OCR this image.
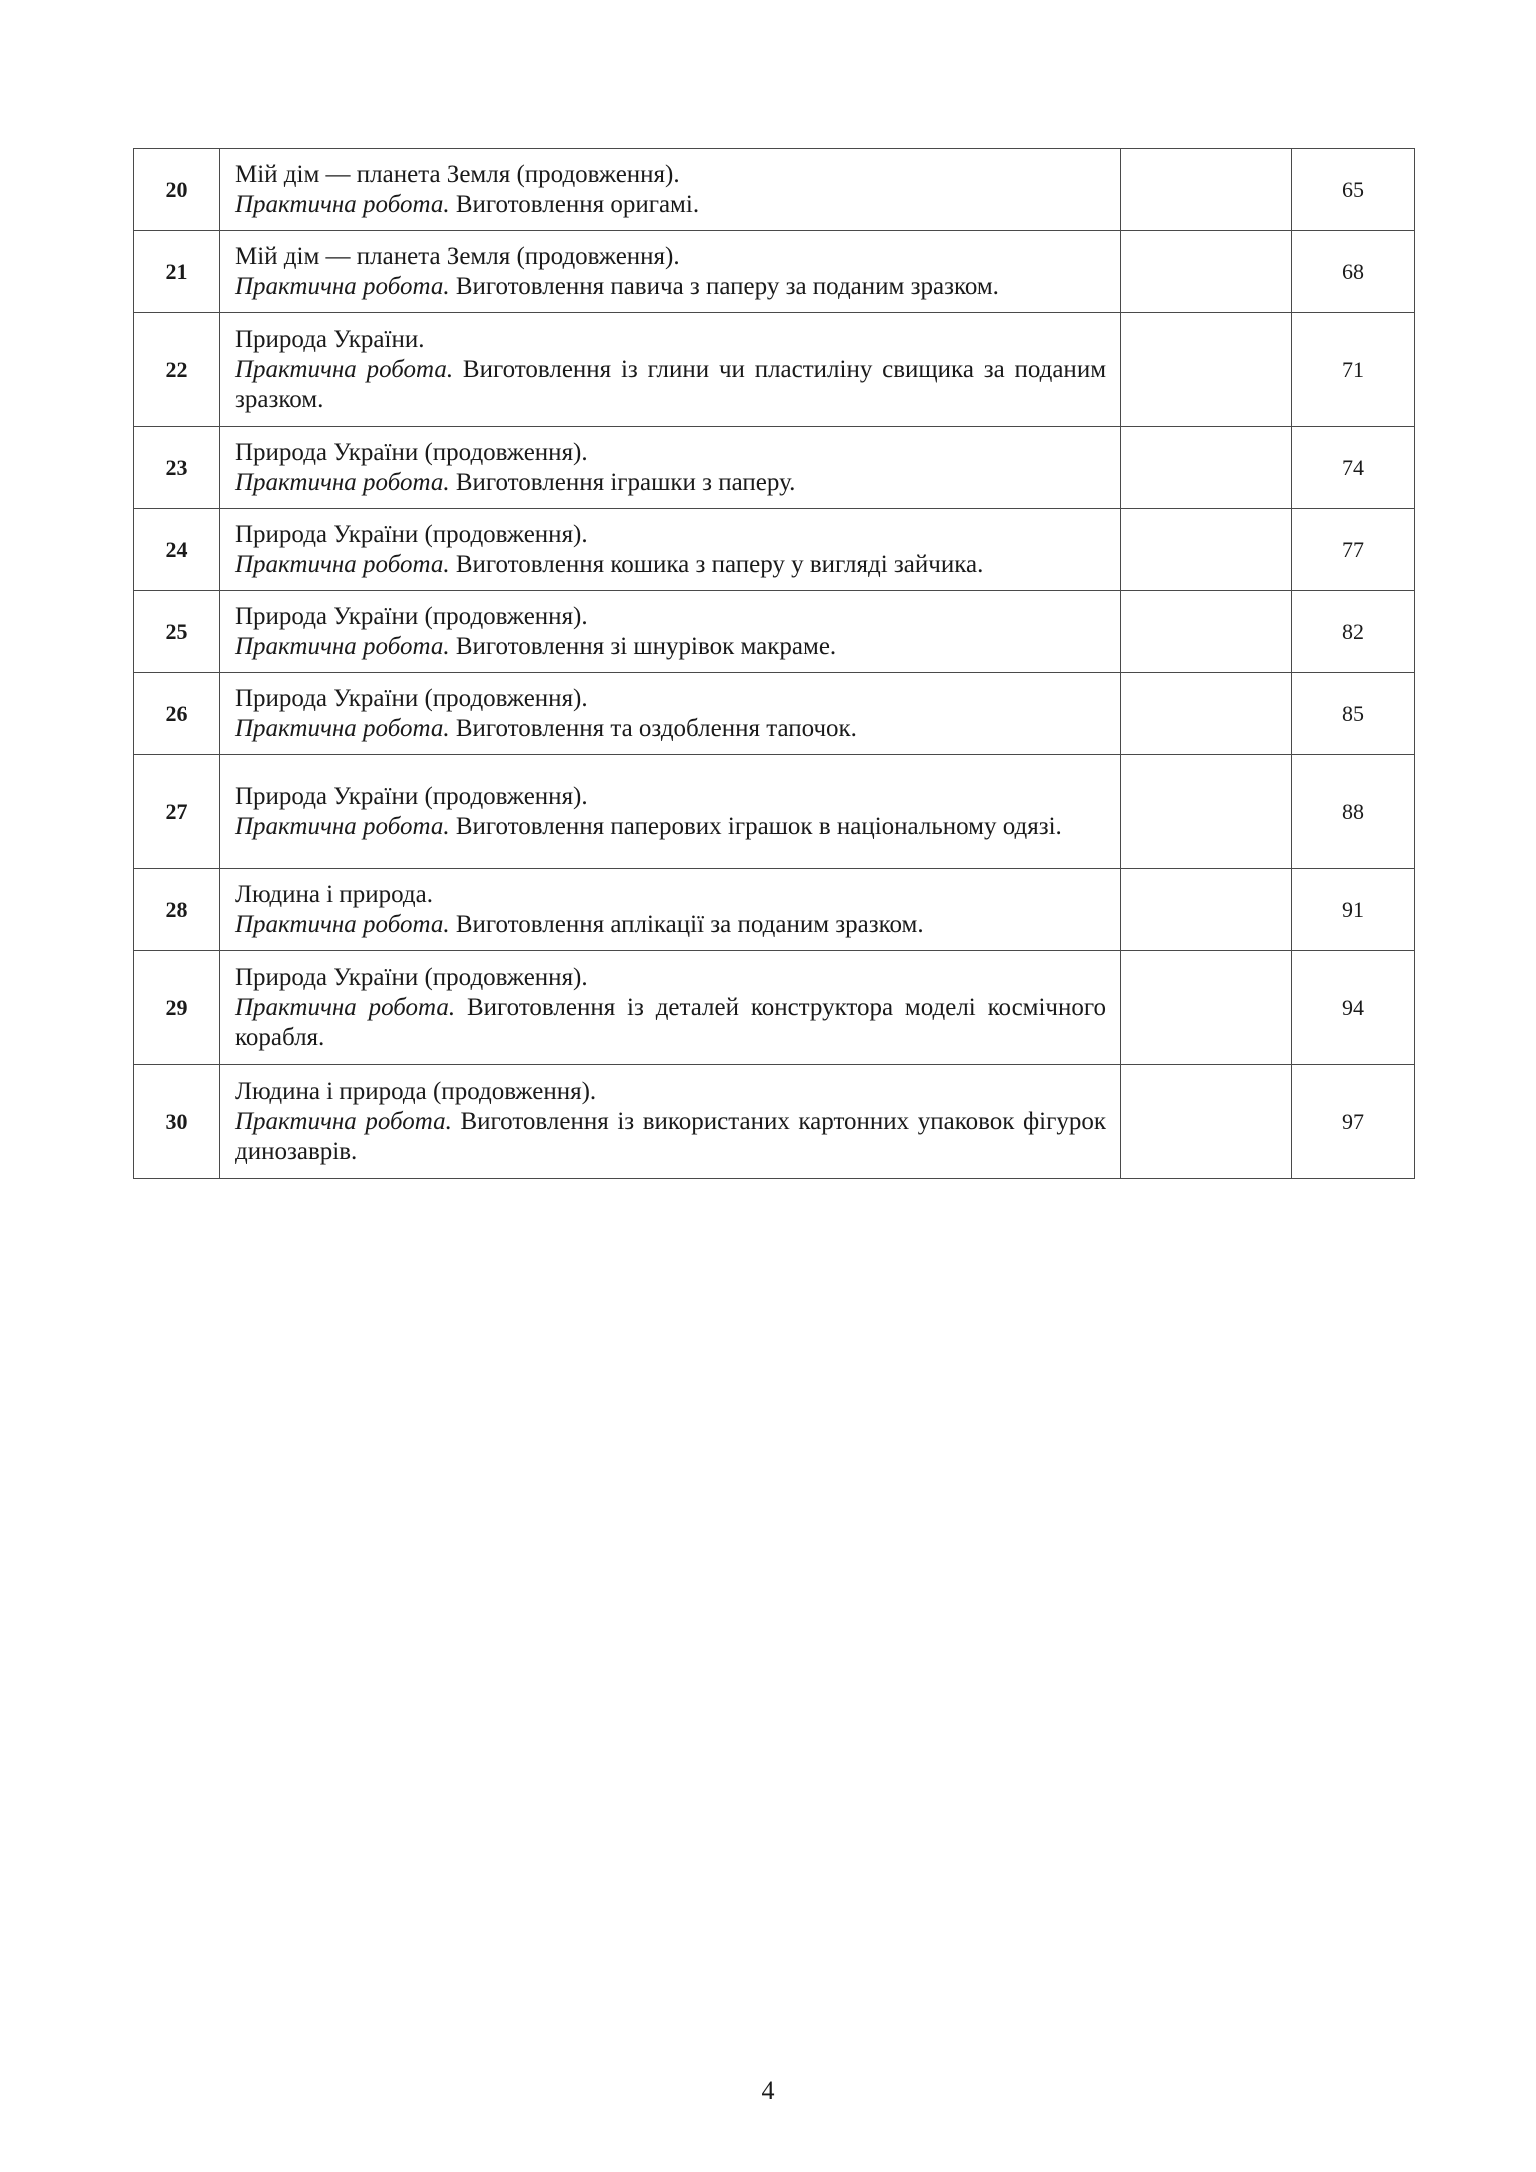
20	Мій дім — планета Земля (продовження).
Практична робота. Виготовлення оригамі.		65
21	Мій дім — планета Земля (продовження).
Практична робота. Виготовлення павича з паперу за поданим зразком.		68
22	Природа України.
Практична робота. Виготовлення із глини чи пластиліну свищика за поданим зразком.		71
23	Природа України (продовження).
Практична робота. Виготовлення іграшки з паперу.		74
24	Природа України (продовження).
Практична робота. Виготовлення кошика з паперу у вигляді зайчика.		77
25	Природа України (продовження).
Практична робота. Виготовлення зі шнурівок макраме.		82
26	Природа України (продовження).
Практична робота. Виготовлення та оздоблення тапочок.		85
27	Природа України (продовження).
Практична робота. Виготовлення паперових іграшок в національному одязі.		88
28	Людина і природа.
Практична робота. Виготовлення аплікації за поданим зразком.		91
29	Природа України (продовження).
Практична робота. Виготовлення із деталей конструктора моделі космічного корабля.		94
30	Людина і природа (продовження).
Практична робота. Виготовлення із використаних картонних упаковок фігурок динозаврів.		97
4
